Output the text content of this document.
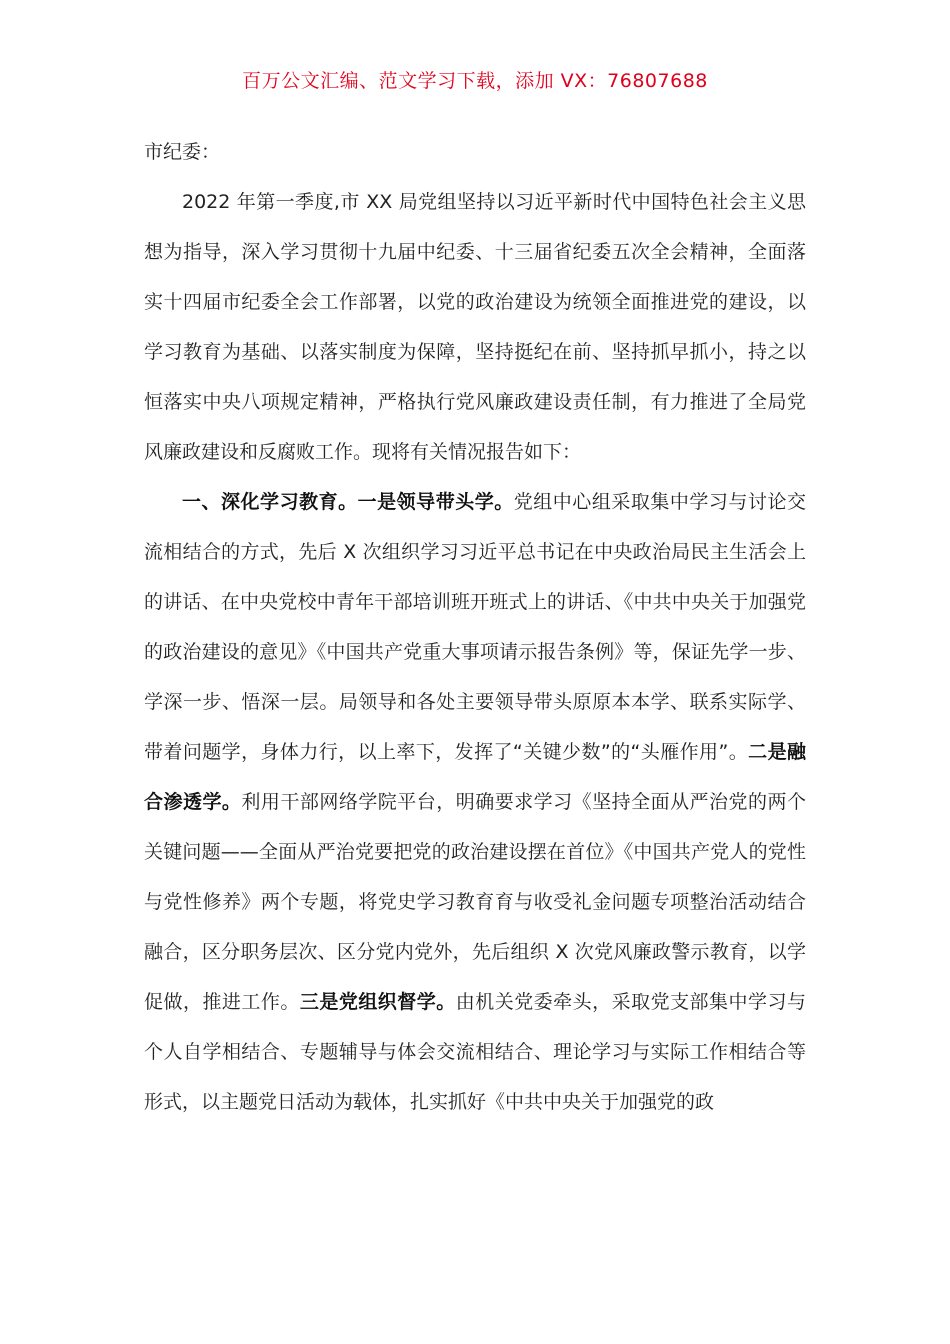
百万公文汇编、范文学习下载，添加 VX：76807688

市纪委：

2022 年第一季度,市 XX 局党组坚持以习近平新时代中国特色社会主义思想为指导，深入学习贯彻十九届中纪委、十三届省纪委五次全会精神，全面落实十四届市纪委全会工作部署，以党的政治建设为统领全面推进党的建设，以学习教育为基础、以落实制度为保障，坚持挺纪在前、坚持抓早抓小，持之以恒落实中央八项规定精神，严格执行党风廉政建设责任制，有力推进了全局党风廉政建设和反腐败工作。现将有关情况报告如下：

一、深化学习教育。一是领导带头学。党组中心组采取集中学习与讨论交流相结合的方式，先后 X 次组织学习习近平总书记在中央政治局民主生活会上的讲话、在中央党校中青年干部培训班开班式上的讲话、《中共中央关于加强党的政治建设的意见》《中国共产党重大事项请示报告条例》等，保证先学一步、学深一步、悟深一层。局领导和各处主要领导带头原原本本学、联系实际学、带着问题学，身体力行，以上率下，发挥了“关键少数”的“头雁作用”。二是融合渗透学。利用干部网络学院平台，明确要求学习《坚持全面从严治党的两个关键问题——全面从严治党要把党的政治建设摆在首位》《中国共产党人的党性与党性修养》两个专题，将党史学习教育育与收受礼金问题专项整治活动结合融合，区分职务层次、区分党内党外，先后组织 X 次党风廉政警示教育，以学促做，推进工作。三是党组织督学。由机关党委牵头，采取党支部集中学习与个人自学相结合、专题辅导与体会交流相结合、理论学习与实际工作相结合等形式，以主题党日活动为载体，扎实抓好《中共中央关于加强党的政
